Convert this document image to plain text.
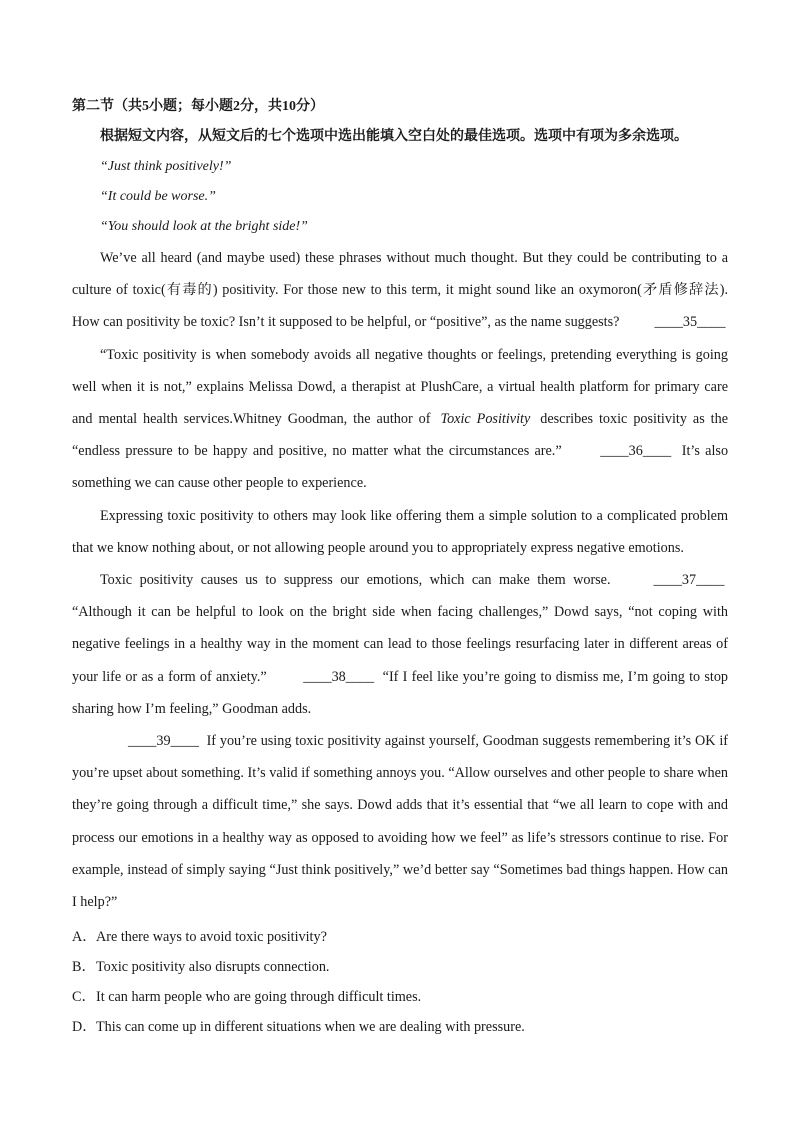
第二节（共5小题；每小题2分，共10分）
根据短文内容，从短文后的七个选项中选出能填入空白处的最佳选项。选项中有项为多余选项。
“Just think positively!”
“It could be worse.”
“You should look at the bright side!”

We’ve all heard (and maybe used) these phrases without much thought. But they could be contributing to a culture of toxic(有毒的) positivity. For those new to this term, it might sound like an oxymoron(矛盾修辞法). How can positivity be toxic? Isn’t it supposed to be helpful, or “positive”, as the name suggests? ____35____

“Toxic positivity is when somebody avoids all negative thoughts or feelings, pretending everything is going well when it is not,” explains Melissa Dowd, a therapist at PlushCare, a virtual health platform for primary care and mental health services.Whitney Goodman, the author of Toxic Positivity describes toxic positivity as the “endless pressure to be happy and positive, no matter what the circumstances are.”	____36____ It’s also something we can cause other people to experience.

Expressing toxic positivity to others may look like offering them a simple solution to a complicated problem that we know nothing about, or not allowing people around you to appropriately express negative emotions.

Toxic positivity causes us to suppress our emotions, which can make them worse.	____37____  “Although it can be helpful to look on the bright side when facing challenges,” Dowd says, “not coping with negative feelings in a healthy way in the moment can lead to those feelings resurfacing later in different areas of your life or as a form of anxiety.”	____38____ “If I feel like you’re going to dismiss me, I’m going to stop sharing how I’m feeling,” Goodman adds.

____39____ If you’re using toxic positivity against yourself, Goodman suggests remembering it’s OK if you’re upset about something. It’s valid if something annoys you. “Allow ourselves and other people to share when they’re going through a difficult time,” she says. Dowd adds that it’s essential that “we all learn to cope with and process our emotions in a healthy way as opposed to avoiding how we feel” as life’s stressors continue to rise. For example, instead of simply saying “Just think positively,” we’d better say “Sometimes bad things happen. How can I help?”

A．Are there ways to avoid toxic positivity?
B．Toxic positivity also disrupts connection.
C．It can harm people who are going through difficult times.
D．This can come up in different situations when we are dealing with pressure.
